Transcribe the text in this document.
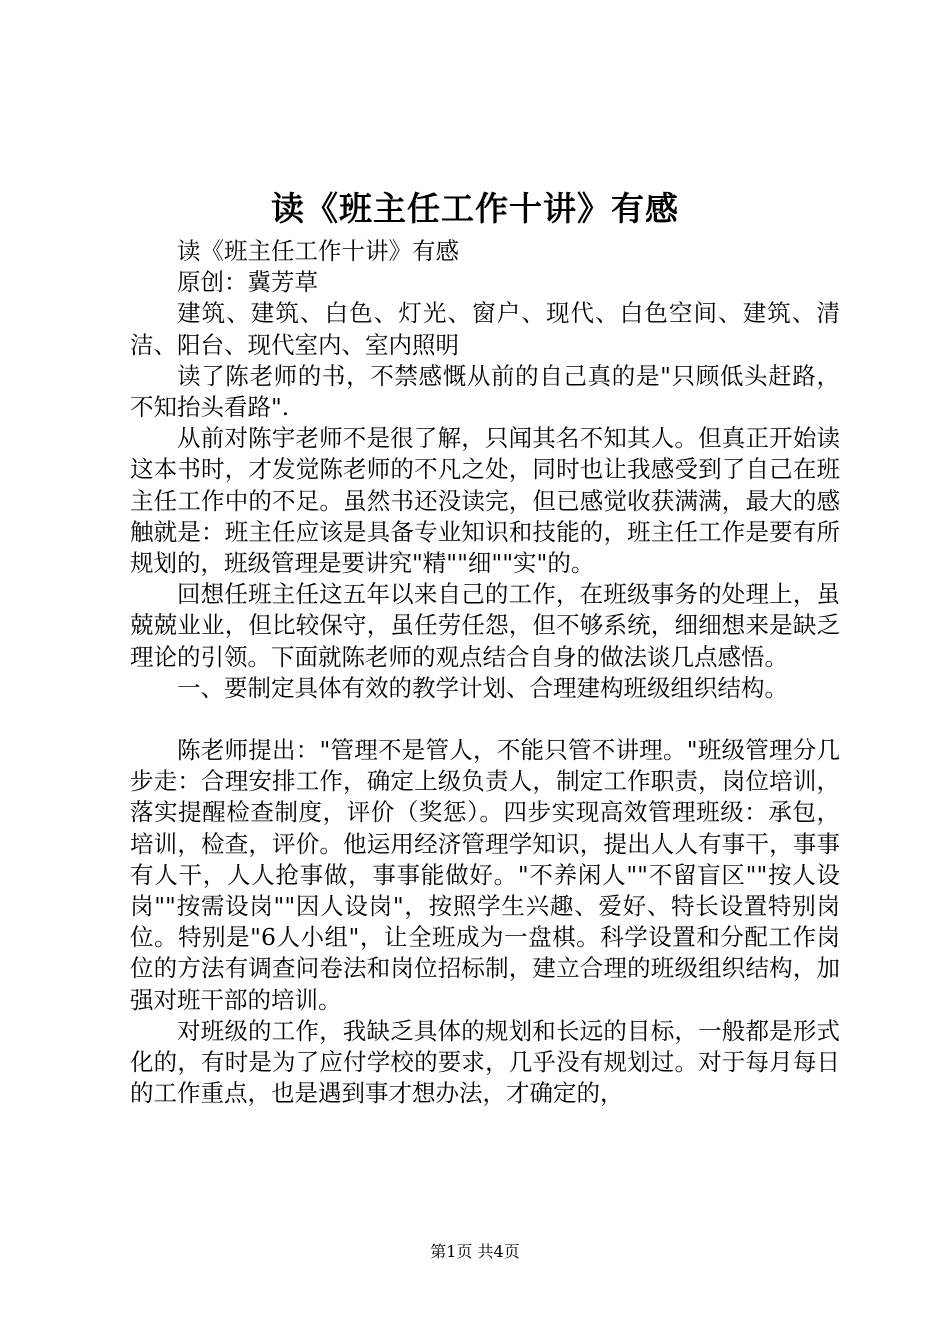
读《班主任工作十讲》有感

读《班主任工作十讲》有感

原创：冀芳草

建筑、建筑、白色、灯光、窗户、现代、白色空间、建筑、清洁、阳台、现代室内、室内照明

读了陈老师的书，不禁感慨从前的自己真的是"只顾低头赶路，不知抬头看路".

从前对陈宇老师不是很了解，只闻其名不知其人。但真正开始读这本书时，才发觉陈老师的不凡之处，同时也让我感受到了自己在班主任工作中的不足。虽然书还没读完，但已感觉收获满满，最大的感触就是：班主任应该是具备专业知识和技能的，班主任工作是要有所规划的，班级管理是要讲究"精""细""实"的。

回想任班主任这五年以来自己的工作，在班级事务的处理上，虽兢兢业业，但比较保守，虽任劳任怨，但不够系统，细细想来是缺乏理论的引领。下面就陈老师的观点结合自身的做法谈几点感悟。

一、要制定具体有效的教学计划、合理建构班级组织结构。

陈老师提出："管理不是管人，不能只管不讲理。"班级管理分几步走：合理安排工作，确定上级负责人，制定工作职责，岗位培训，落实提醒检查制度，评价（奖惩）。四步实现高效管理班级：承包，培训，检查，评价。他运用经济管理学知识，提出人人有事干，事事有人干，人人抢事做，事事能做好。"不养闲人""不留盲区""按人设岗""按需设岗""因人设岗"，按照学生兴趣、爱好、特长设置特别岗位。特别是"6人小组"，让全班成为一盘棋。科学设置和分配工作岗位的方法有调查问卷法和岗位招标制，建立合理的班级组织结构，加强对班干部的培训。

对班级的工作，我缺乏具体的规划和长远的目标，一般都是形式化的，有时是为了应付学校的要求，几乎没有规划过。对于每月每日的工作重点，也是遇到事才想办法，才确定的，

第1页 共4页
